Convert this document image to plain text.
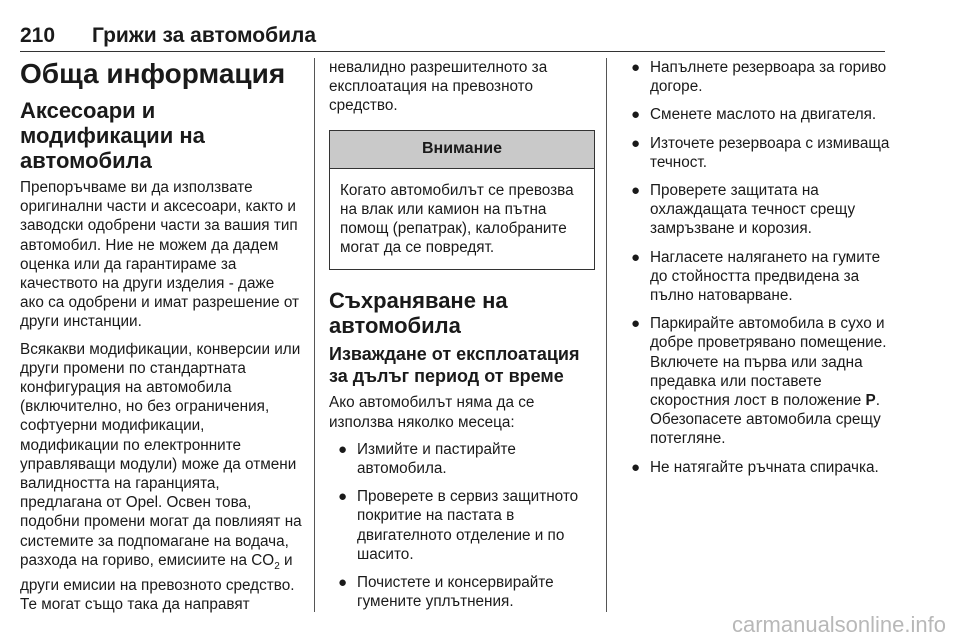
210 Грижи за автомобила
Обща информация
Аксесоари и модификации на автомобила

Препоръчваме ви да използвате оригинални части и аксесоари, както и заводски одобрени части за вашия тип автомобил. Ние не можем да дадем оценка или да гарантираме за качеството на други изделия - даже ако са одобрени и имат разрешение от други инстанции.

Всякакви модификации, конверсии или други промени по стандартната конфигурация на автомобила (включително, но без ограничения, софтуерни модификации, модификации по електронните управляващи модули) може да отмени валидността на гаранцията, предлагана от Opel. Освен това, подобни промени могат да повлияят на системите за подпомагане на водача, разхода на гориво, емисиите на $CO_2$ и други емисии на превозното средство. Те могат също така да направят

невалидно разрешителното за експлоатация на превозното средство.

Внимание
Когато автомобилът се превозва на влак или камион на пътна помощ (репатрак), калобраните могат да се повредят.
Съхраняване на автомобила
Изваждане от експлоатация за дълъг период от време

Ако автомобилът няма да се използва няколко месеца:

● Измийте и пастирайте автомобила.
● Проверете в сервиз защитното покритие на пастата в двигателното отделение и по шасито.
● Почистете и консервирайте гумените уплътнения.
● Напълнете резервоара за гориво догоре.
● Сменете маслото на двигателя.
● Източете резервоара с измиваща течност.
● Проверете защитата на охлаждащата течност срещу замръзване и корозия.
● Нагласете налягането на гумите до стойността предвидена за пълно натоварване.
● Паркирайте автомобила в сухо и добре проветрявано помещение. Включете на първа или задна предавка или поставете скоростния лост в положение P. Обезопасете автомобила срещу потегляне.
● Не натягайте ръчната спирачка.
carmanualsonline.info
